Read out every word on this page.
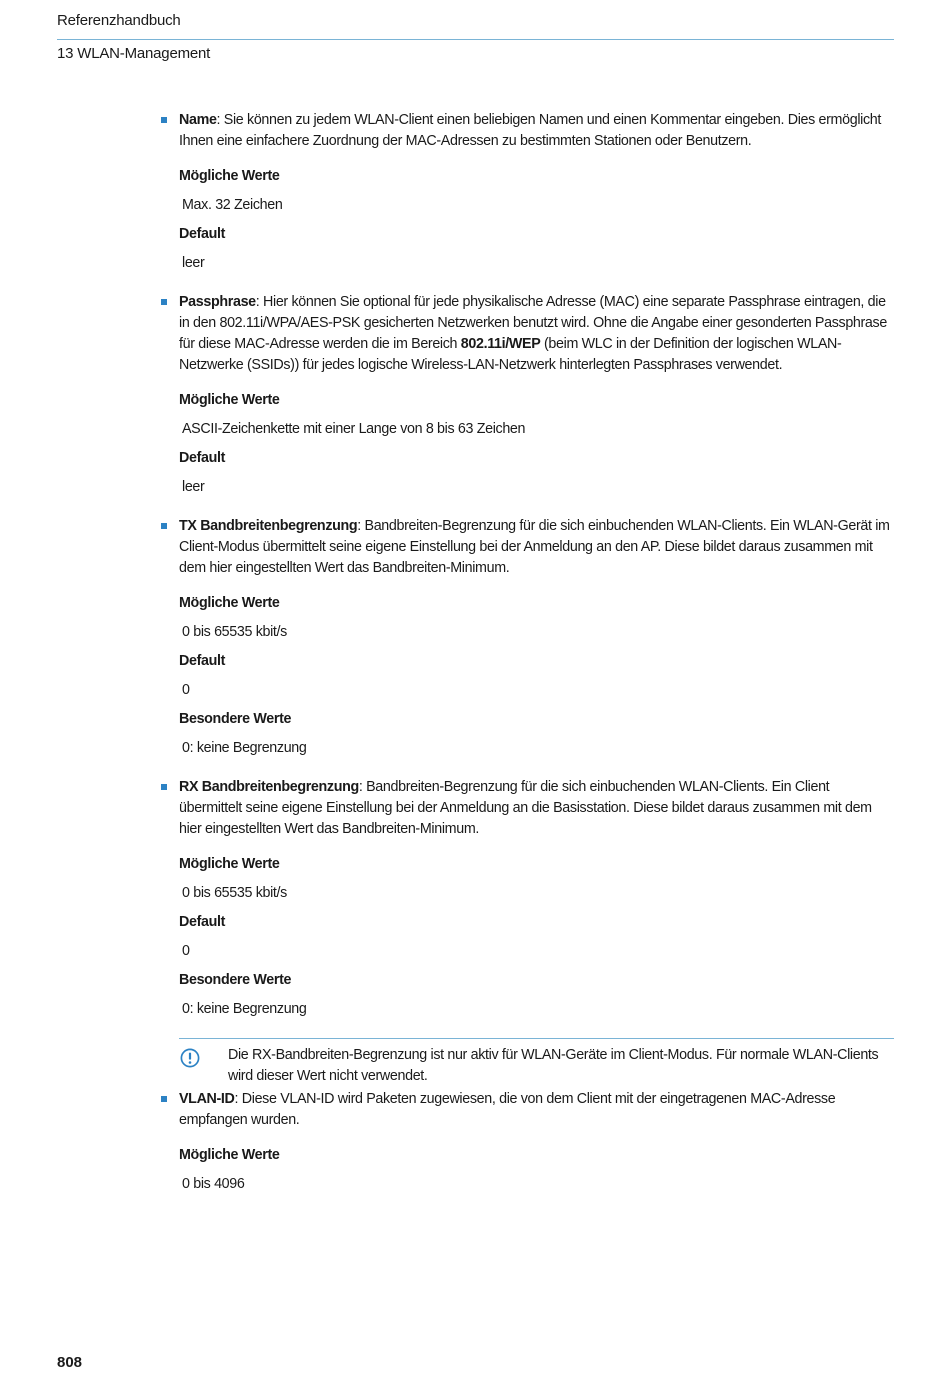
Referenzhandbuch
13 WLAN-Management

Name: Sie können zu jedem WLAN-Client einen beliebigen Namen und einen Kommentar eingeben. Dies ermöglicht Ihnen eine einfachere Zuordnung der MAC-Adressen zu bestimmten Stationen oder Benutzern.

Mögliche Werte
Max. 32 Zeichen
Default
leer

Passphrase: Hier können Sie optional für jede physikalische Adresse (MAC) eine separate Passphrase eintragen, die in den 802.11i/WPA/AES-PSK gesicherten Netzwerken benutzt wird. Ohne die Angabe einer gesonderten Passphrase für diese MAC-Adresse werden die im Bereich 802.11i/WEP (beim WLC in der Definition der logischen WLAN-Netzwerke (SSIDs)) für jedes logische Wireless-LAN-Netzwerk hinterlegten Passphrases verwendet.

Mögliche Werte
ASCII-Zeichenkette mit einer Lange von 8 bis 63 Zeichen
Default
leer

TX Bandbreitenbegrenzung: Bandbreiten-Begrenzung für die sich einbuchenden WLAN-Clients. Ein WLAN-Gerät im Client-Modus übermittelt seine eigene Einstellung bei der Anmeldung an den AP. Diese bildet daraus zusammen mit dem hier eingestellten Wert das Bandbreiten-Minimum.

Mögliche Werte
0 bis 65535 kbit/s
Default
0
Besondere Werte
0: keine Begrenzung

RX Bandbreitenbegrenzung: Bandbreiten-Begrenzung für die sich einbuchenden WLAN-Clients. Ein Client übermittelt seine eigene Einstellung bei der Anmeldung an die Basisstation. Diese bildet daraus zusammen mit dem hier eingestellten Wert das Bandbreiten-Minimum.

Mögliche Werte
0 bis 65535 kbit/s
Default
0
Besondere Werte
0: keine Begrenzung
Die RX-Bandbreiten-Begrenzung ist nur aktiv für WLAN-Geräte im Client-Modus. Für normale WLAN-Clients wird dieser Wert nicht verwendet.

VLAN-ID: Diese VLAN-ID wird Paketen zugewiesen, die von dem Client mit der eingetragenen MAC-Adresse empfangen wurden.

Mögliche Werte
0 bis 4096
808
